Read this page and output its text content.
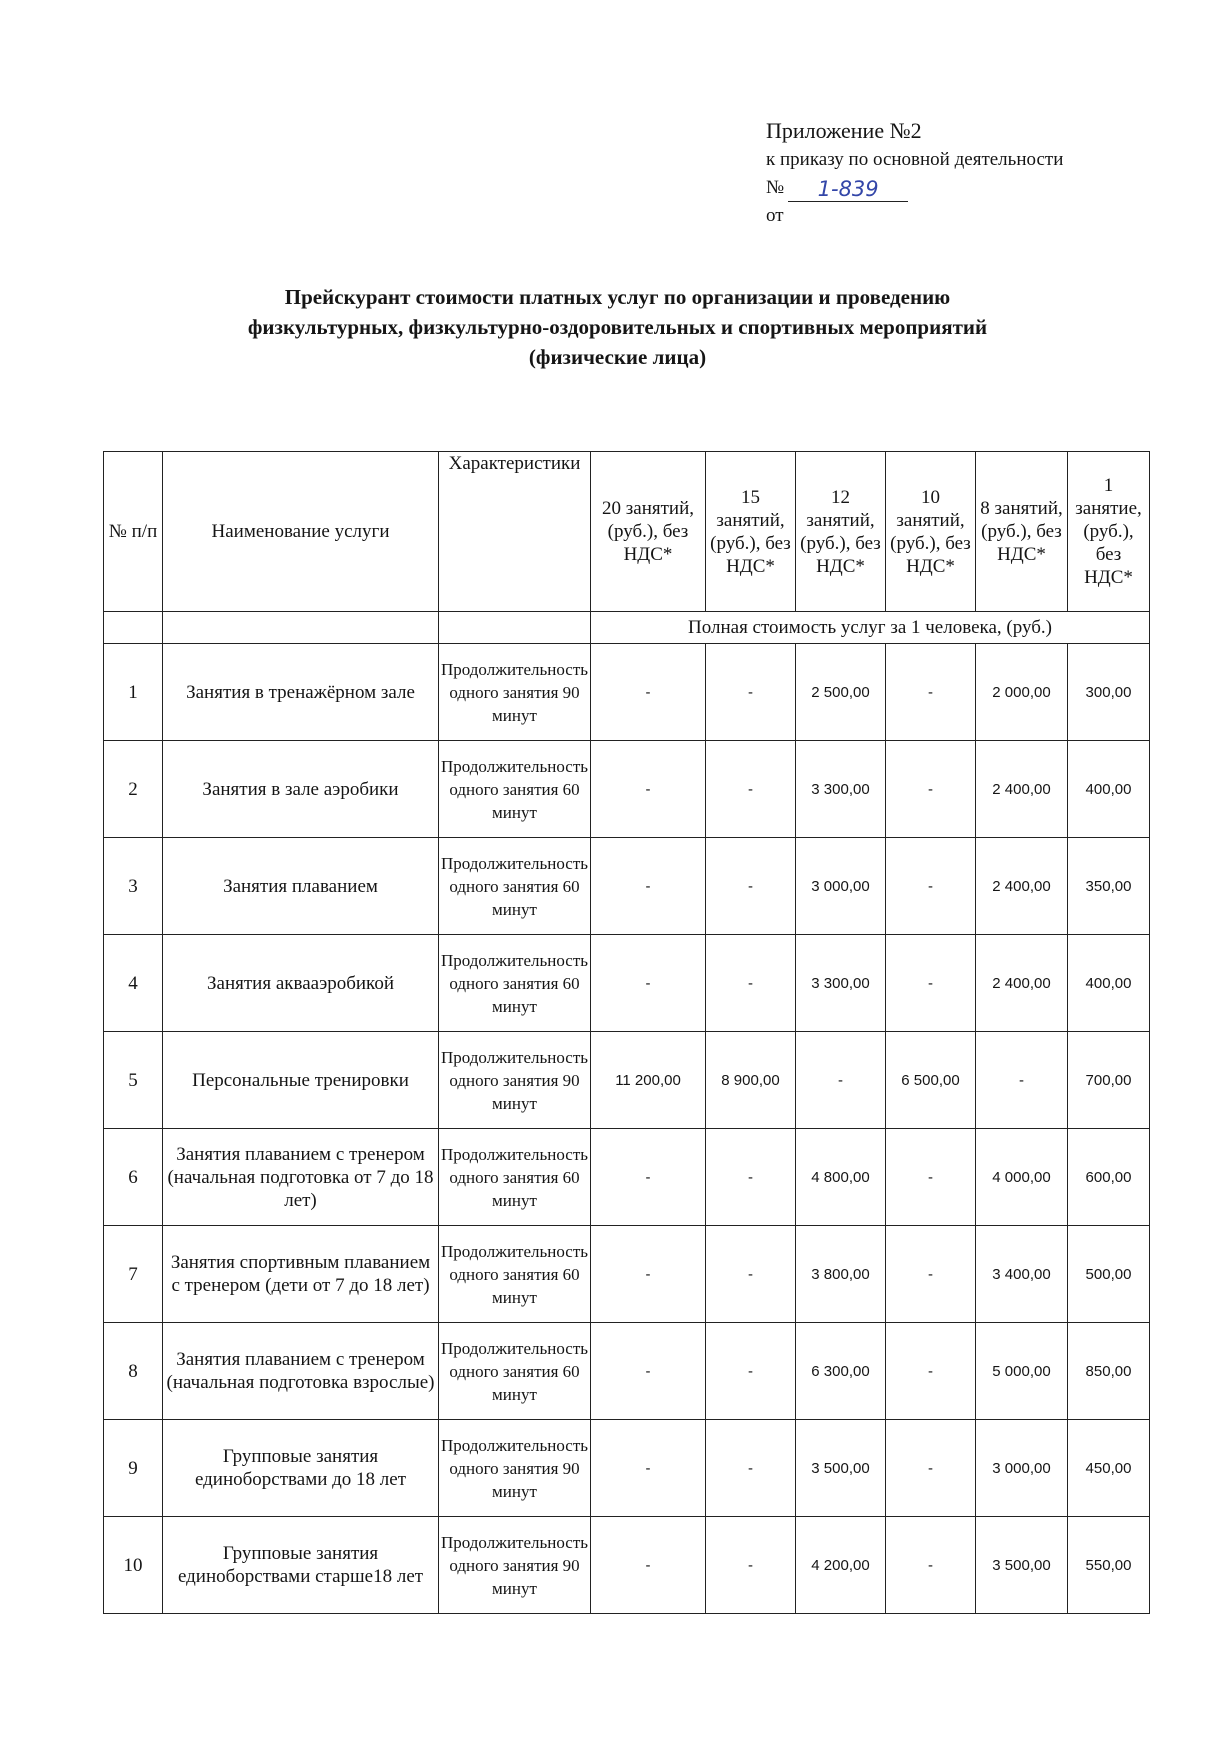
Приложение №2
к приказу по основной деятельности
№	1-839
от
Прейскурант стоимости платных услуг по организации и проведению
физкультурных, физкультурно-оздоровительных и спортивных мероприятий
(физические лица)
№ п/п	Наименование услуги	Характеристики	20 занятий, (руб.), без НДС*	15 занятий, (руб.), без НДС*	12 занятий, (руб.), без НДС*	10 занятий, (руб.), без НДС*	8 занятий, (руб.), без НДС*	1 занятие, (руб.), без НДС*
			Полная стоимость услуг за 1 человека, (руб.)					
1	Занятия в тренажёрном зале	Продолжительность одного занятия 90 минут	-	-	2 500,00	-	2 000,00	300,00
2	Занятия в зале аэробики	Продолжительность одного занятия 60 минут	-	-	3 300,00	-	2 400,00	400,00
3	Занятия плаванием	Продолжительность одного занятия 60 минут	-	-	3 000,00	-	2 400,00	350,00
4	Занятия аквааэробикой	Продолжительность одного занятия 60 минут	-	-	3 300,00	-	2 400,00	400,00
5	Персональные тренировки	Продолжительность одного занятия 90 минут	11 200,00	8 900,00	-	6 500,00	-	700,00
6	Занятия плаванием с тренером (начальная подготовка от 7 до 18 лет)	Продолжительность одного занятия 60 минут	-	-	4 800,00	-	4 000,00	600,00
7	Занятия спортивным плаванием с тренером (дети от 7 до 18 лет)	Продолжительность одного занятия 60 минут	-	-	3 800,00	-	3 400,00	500,00
8	Занятия плаванием с тренером (начальная подготовка взрослые)	Продолжительность одного занятия 60 минут	-	-	6 300,00	-	5 000,00	850,00
9	Групповые занятия единоборствами до 18 лет	Продолжительность одного занятия 90 минут	-	-	3 500,00	-	3 000,00	450,00
10	Групповые занятия единоборствами старше18 лет	Продолжительность одного занятия 90 минут	-	-	4 200,00	-	3 500,00	550,00
